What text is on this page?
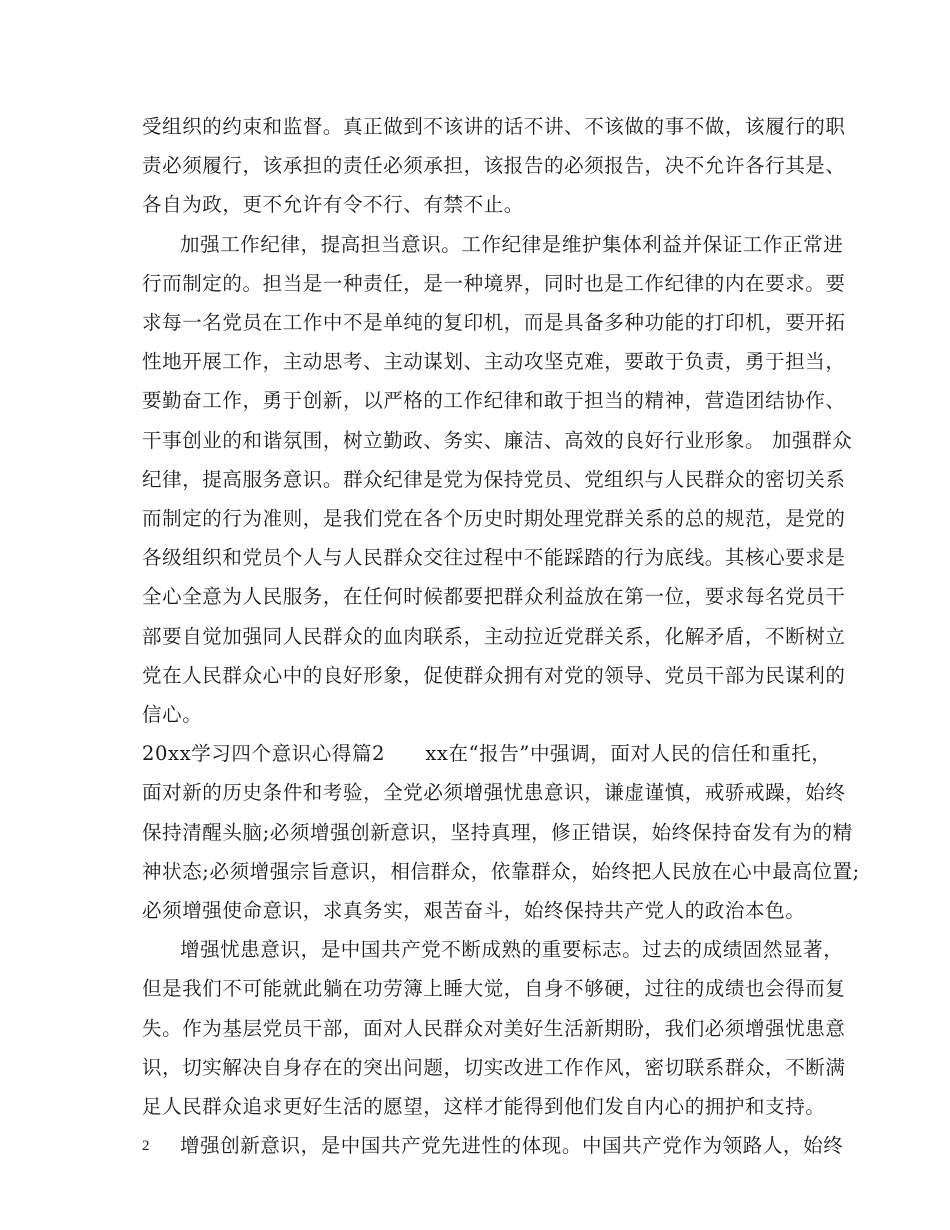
受组织的约束和监督。真正做到不该讲的话不讲、不该做的事不做，该履行的职
责必须履行，该承担的责任必须承担，该报告的必须报告，决不允许各行其是、
各自为政，更不允许有令不行、有禁不止。
加强工作纪律，提高担当意识。工作纪律是维护集体利益并保证工作正常进
行而制定的。担当是一种责任，是一种境界，同时也是工作纪律的内在要求。要
求每一名党员在工作中不是单纯的复印机，而是具备多种功能的打印机，要开拓
性地开展工作，主动思考、主动谋划、主动攻坚克难，要敢于负责，勇于担当，
要勤奋工作，勇于创新，以严格的工作纪律和敢于担当的精神，营造团结协作、
干事创业的和谐氛围，树立勤政、务实、廉洁、高效的良好行业形象。 加强群众
纪律，提高服务意识。群众纪律是党为保持党员、党组织与人民群众的密切关系
而制定的行为准则，是我们党在各个历史时期处理党群关系的总的规范，是党的
各级组织和党员个人与人民群众交往过程中不能踩踏的行为底线。其核心要求是
全心全意为人民服务，在任何时候都要把群众利益放在第一位，要求每名党员干
部要自觉加强同人民群众的血肉联系，主动拉近党群关系，化解矛盾，不断树立
党在人民群众心中的良好形象，促使群众拥有对党的领导、党员干部为民谋利的
信心。
20xx学习四个意识心得篇2　　xx在“报告”中强调，面对人民的信任和重托，
面对新的历史条件和考验，全党必须增强忧患意识，谦虚谨慎，戒骄戒躁，始终
保持清醒头脑;必须增强创新意识，坚持真理，修正错误，始终保持奋发有为的精
神状态;必须增强宗旨意识，相信群众，依靠群众，始终把人民放在心中最高位置;
必须增强使命意识，求真务实，艰苦奋斗，始终保持共产党人的政治本色。
增强忧患意识，是中国共产党不断成熟的重要标志。过去的成绩固然显著，
但是我们不可能就此躺在功劳簿上睡大觉，自身不够硬，过往的成绩也会得而复
失。作为基层党员干部，面对人民群众对美好生活新期盼，我们必须增强忧患意
识，切实解决自身存在的突出问题，切实改进工作作风，密切联系群众，不断满
足人民群众追求更好生活的愿望，这样才能得到他们发自内心的拥护和支持。
增强创新意识，是中国共产党先进性的体现。中国共产党作为领路人，始终
2
